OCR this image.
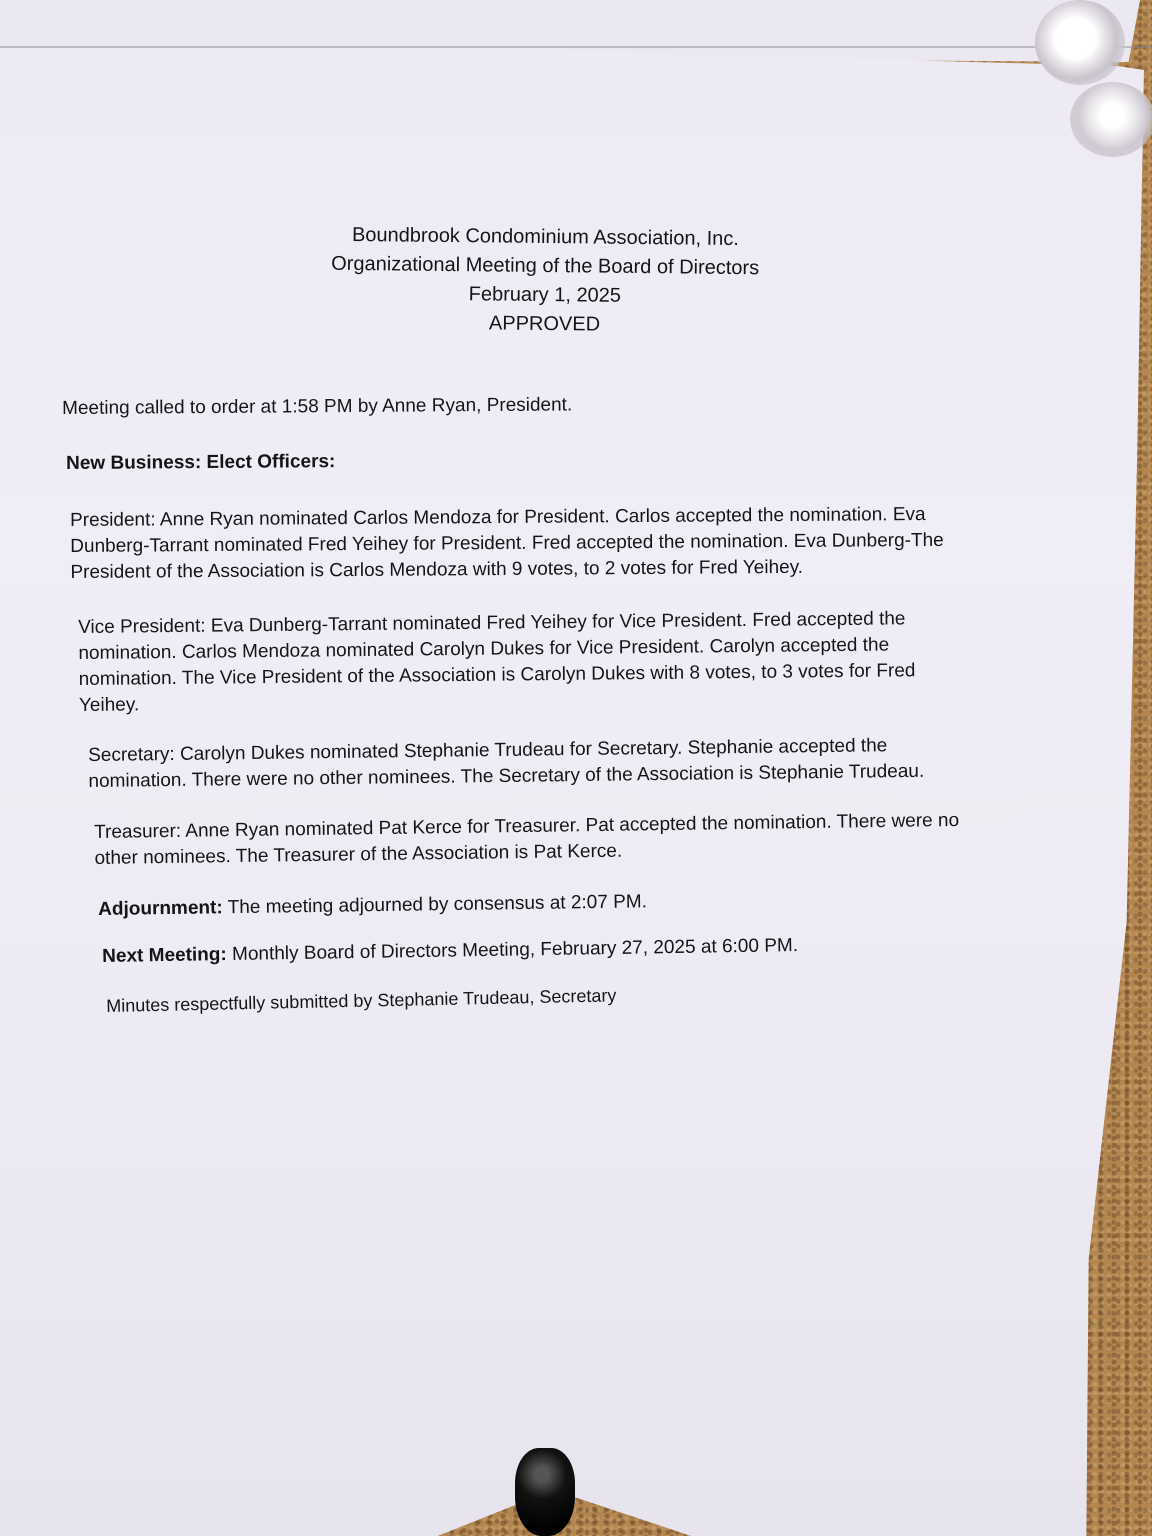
Boundbrook Condominium Association, Inc.
Organizational Meeting of the Board of Directors
February 1, 2025
APPROVED
Meeting called to order at 1:58 PM by Anne Ryan, President.
New Business: Elect Officers:
President: Anne Ryan nominated Carlos Mendoza for President. Carlos accepted the nomination. Eva Dunberg-Tarrant nominated Fred Yeihey for President. Fred accepted the nomination. Eva Dunberg-The President of the Association is Carlos Mendoza with 9 votes, to 2 votes for Fred Yeihey.
Vice President: Eva Dunberg-Tarrant nominated Fred Yeihey for Vice President. Fred accepted the nomination. Carlos Mendoza nominated Carolyn Dukes for Vice President. Carolyn accepted the nomination. The Vice President of the Association is Carolyn Dukes with 8 votes, to 3 votes for Fred Yeihey.
Secretary: Carolyn Dukes nominated Stephanie Trudeau for Secretary. Stephanie accepted the nomination. There were no other nominees. The Secretary of the Association is Stephanie Trudeau.
Treasurer: Anne Ryan nominated Pat Kerce for Treasurer. Pat accepted the nomination. There were no other nominees. The Treasurer of the Association is Pat Kerce.
Adjournment: The meeting adjourned by consensus at 2:07 PM.
Next Meeting: Monthly Board of Directors Meeting, February 27, 2025 at 6:00 PM.
Minutes respectfully submitted by Stephanie Trudeau, Secretary
